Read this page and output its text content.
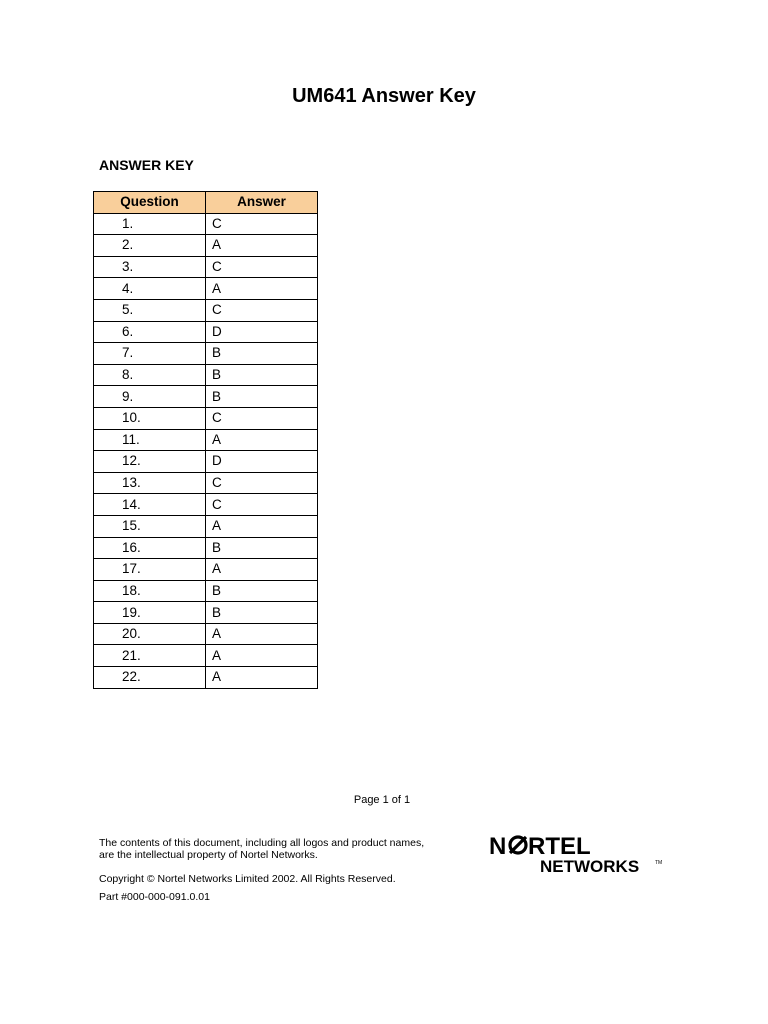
UM641 Answer Key
ANSWER KEY
Question	Answer
1.	C
2.	A
3.	C
4.	A
5.	C
6.	D
7.	B
8.	B
9.	B
10.	C
11.	A
12.	D
13.	C
14.	C
15.	A
16.	B
17.	A
18.	B
19.	B
20.	A
21.	A
22.	A
Page 1 of 1
The contents of this document, including all logos and product names,
are the intellectual property of Nortel Networks.
Copyright © Nortel Networks Limited 2002. All Rights Reserved.
Part #000-000-091.0.01
N RTEL
NETWORKS	TM
